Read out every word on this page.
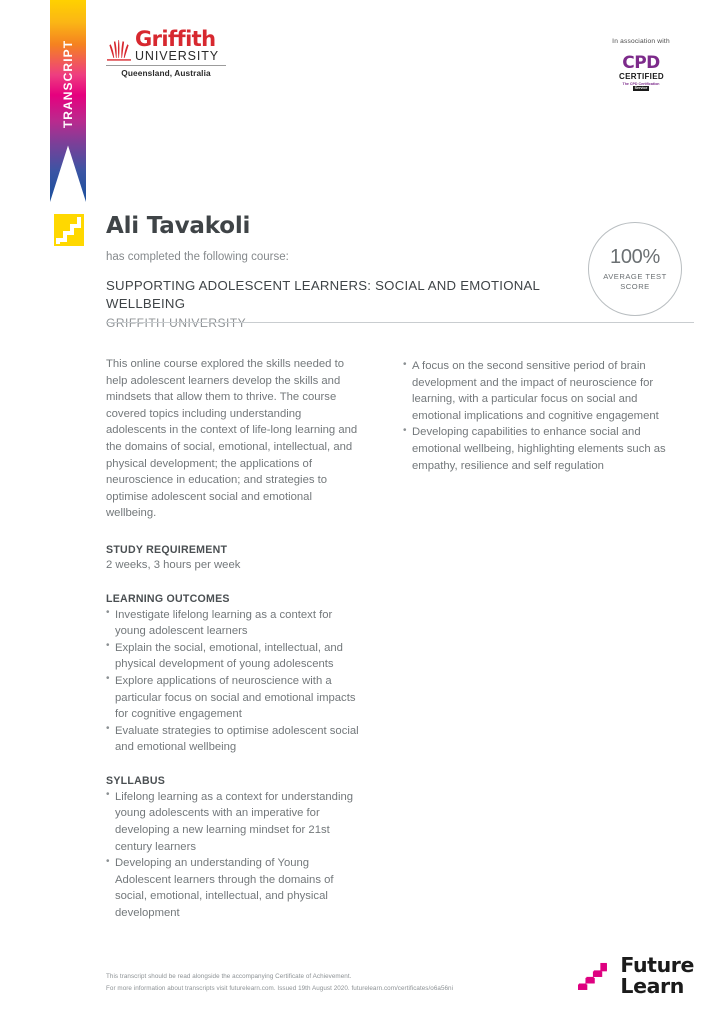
TRANSCRIPT
Griffith
UNIVERSITY
Queensland, Australia
In association with
CPD
CERTIFIED
The CPD Certification
Service
Ali Tavakoli
has completed the following course:
SUPPORTING ADOLESCENT LEARNERS: SOCIAL AND EMOTIONAL WELLBEING
GRIFFITH UNIVERSITY
100%
AVERAGE TEST
SCORE
This online course explored the skills needed to help adolescent learners develop the skills and mindsets that allow them to thrive. The course covered topics including understanding adolescents in the context of life-long learning and the domains of social, emotional, intellectual, and physical development; the applications of neuroscience in education; and strategies to optimise adolescent social and emotional wellbeing.
STUDY REQUIREMENT
2 weeks, 3 hours per week
LEARNING OUTCOMES
• Investigate lifelong learning as a context for young adolescent learners
• Explain the social, emotional, intellectual, and physical development of young adolescents
• Explore applications of neuroscience with a particular focus on social and emotional impacts for cognitive engagement
• Evaluate strategies to optimise adolescent social and emotional wellbeing
SYLLABUS
• Lifelong learning as a context for understanding young adolescents with an imperative for developing a new learning mindset for 21st century learners
• Developing an understanding of Young Adolescent learners through the domains of social, emotional, intellectual, and physical development
• A focus on the second sensitive period of brain development and the impact of neuroscience for learning, with a particular focus on social and emotional implications and cognitive engagement
• Developing capabilities to enhance social and emotional wellbeing, highlighting elements such as empathy, resilience and self regulation
This transcript should be read alongside the accompanying Certificate of Achievement.
For more information about transcripts visit futurelearn.com. Issued 19th August 2020. futurelearn.com/certificates/o6a56ni
Future
Learn
